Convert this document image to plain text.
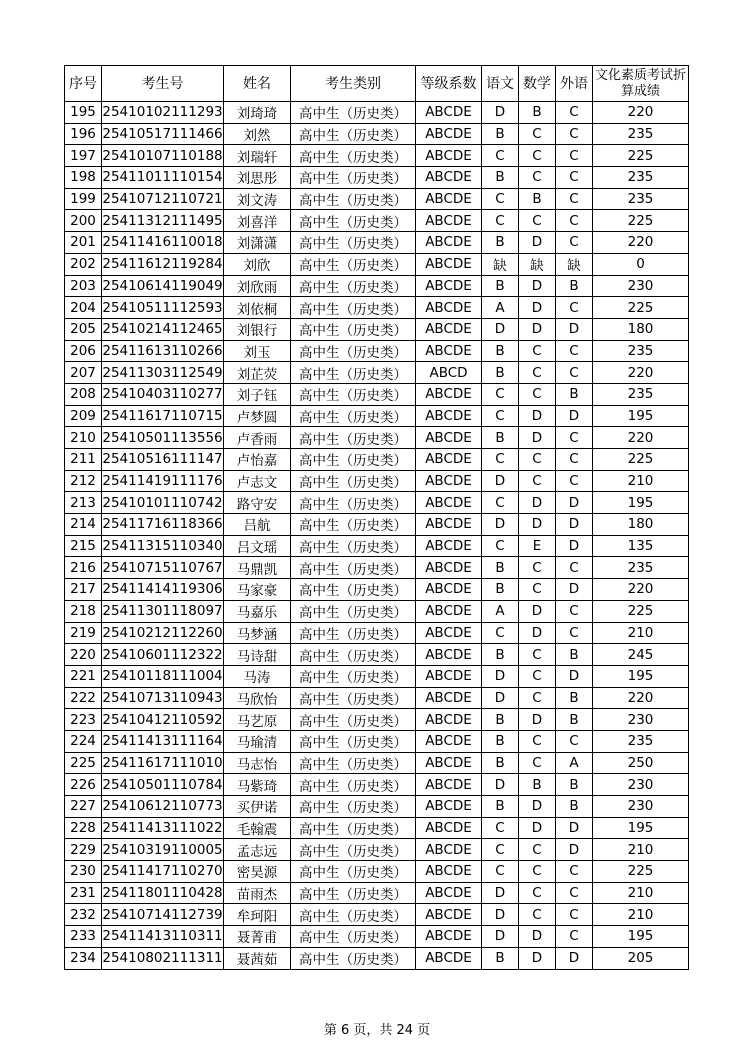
序号	考生号	姓名	考生类别	等级系数	语文	数学	外语	文化素质考试折算成绩
195	25410102111293	刘琦琦	高中生（历史类）	ABCDE	D	B	C	220
196	25410517111466	刘然	高中生（历史类）	ABCDE	B	C	C	235
197	25410107110188	刘瑞轩	高中生（历史类）	ABCDE	C	C	C	225
198	25411011110154	刘思彤	高中生（历史类）	ABCDE	B	C	C	235
199	25410712110721	刘文涛	高中生（历史类）	ABCDE	C	B	C	235
200	25411312111495	刘喜洋	高中生（历史类）	ABCDE	C	C	C	225
201	25411416110018	刘潇潇	高中生（历史类）	ABCDE	B	D	C	220
202	25411612119284	刘欣	高中生（历史类）	ABCDE	缺	缺	缺	0
203	25410614119049	刘欣雨	高中生（历史类）	ABCDE	B	D	B	230
204	25410511112593	刘依桐	高中生（历史类）	ABCDE	A	D	C	225
205	25410214112465	刘银行	高中生（历史类）	ABCDE	D	D	D	180
206	25411613110266	刘玉	高中生（历史类）	ABCDE	B	C	C	235
207	25411303112549	刘芷荧	高中生（历史类）	ABCD	B	C	C	220
208	25410403110277	刘子钰	高中生（历史类）	ABCDE	C	C	B	235
209	25411617110715	卢梦圆	高中生（历史类）	ABCDE	C	D	D	195
210	25410501113556	卢香雨	高中生（历史类）	ABCDE	B	D	C	220
211	25410516111147	卢怡嘉	高中生（历史类）	ABCDE	C	C	C	225
212	25411419111176	卢志文	高中生（历史类）	ABCDE	D	C	C	210
213	25410101110742	路守安	高中生（历史类）	ABCDE	C	D	D	195
214	25411716118366	吕航	高中生（历史类）	ABCDE	D	D	D	180
215	25411315110340	吕文瑶	高中生（历史类）	ABCDE	C	E	D	135
216	25410715110767	马鼎凯	高中生（历史类）	ABCDE	B	C	C	235
217	25411414119306	马家豪	高中生（历史类）	ABCDE	B	C	D	220
218	25411301118097	马嘉乐	高中生（历史类）	ABCDE	A	D	C	225
219	25410212112260	马梦涵	高中生（历史类）	ABCDE	C	D	C	210
220	25410601112322	马诗甜	高中生（历史类）	ABCDE	B	C	B	245
221	25410118111004	马涛	高中生（历史类）	ABCDE	D	C	D	195
222	25410713110943	马欣怡	高中生（历史类）	ABCDE	D	C	B	220
223	25410412110592	马艺原	高中生（历史类）	ABCDE	B	D	B	230
224	25411413111164	马瑜清	高中生（历史类）	ABCDE	B	C	C	235
225	25411617111010	马志怡	高中生（历史类）	ABCDE	B	C	A	250
226	25410501110784	马紫琦	高中生（历史类）	ABCDE	D	B	B	230
227	25410612110773	买伊诺	高中生（历史类）	ABCDE	B	D	B	230
228	25411413111022	毛翰震	高中生（历史类）	ABCDE	C	D	D	195
229	25410319110005	孟志远	高中生（历史类）	ABCDE	C	C	D	210
230	25411417110270	密昊源	高中生（历史类）	ABCDE	C	C	C	225
231	25411801110428	苗雨杰	高中生（历史类）	ABCDE	D	C	C	210
232	25410714112739	牟珂阳	高中生（历史类）	ABCDE	D	C	C	210
233	25411413110311	聂菁甫	高中生（历史类）	ABCDE	D	D	C	195
234	25410802111311	聂茜茹	高中生（历史类）	ABCDE	B	D	D	205
第 6 页，共 24 页
